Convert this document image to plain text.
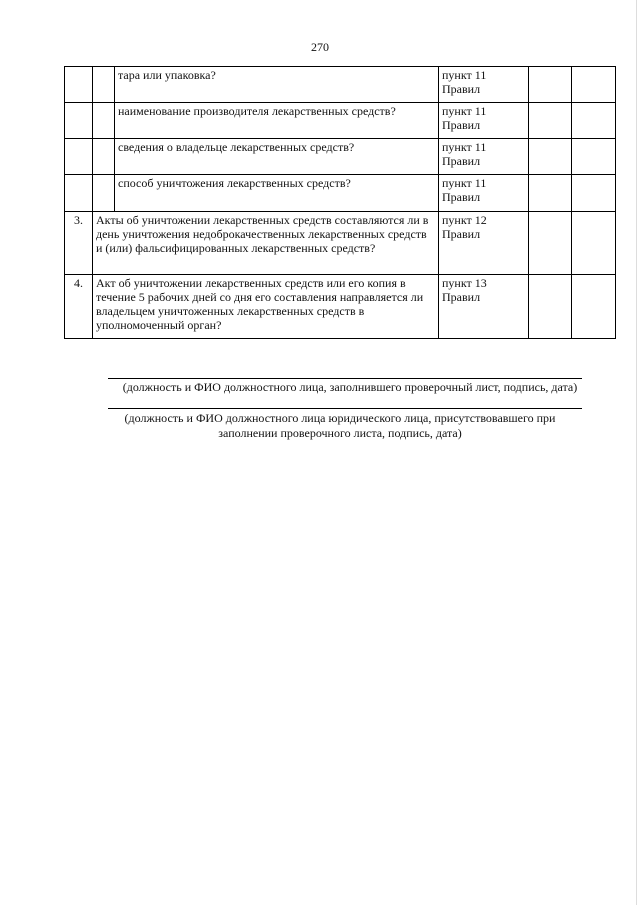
270
		тара или упаковка?	пункт 11
Правил		
		наименование производителя лекарственных средств?	пункт 11
Правил		
		сведения о владельце лекарственных средств?	пункт 11
Правил		
		способ уничтожения лекарственных средств?	пункт 11
Правил		
3.	Акты об уничтожении лекарственных средств составляются ли в день уничтожения недоброкачественных лекарственных средств и (или) фальсифицированных лекарственных средств?		пункт 12
Правил		
4.	Акт об уничтожении лекарственных средств или его копия в течение 5 рабочих дней со дня его составления направляется ли владельцем уничтоженных лекарственных средств в уполномоченный орган?		пункт 13
Правил		
(должность и ФИО должностного лица, заполнившего проверочный лист, подпись, дата)
(должность и ФИО должностного лица юридического лица, присутствовавшего при
заполнении проверочного листа, подпись, дата)
